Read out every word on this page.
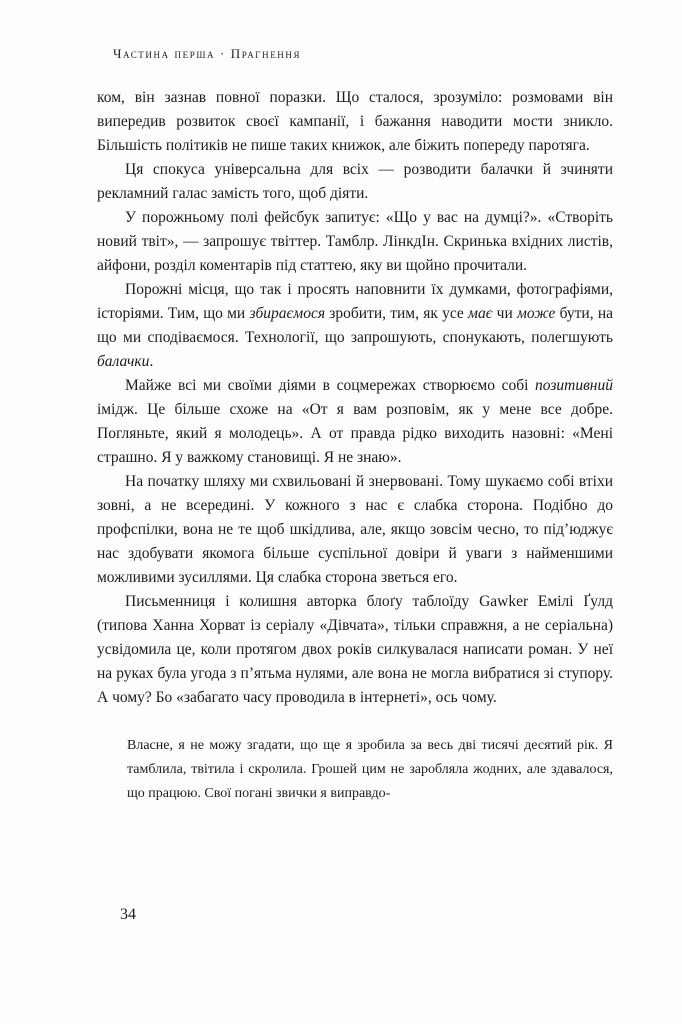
Частина перша · Прагнення

ком, він зазнав повної поразки. Що сталося, зрозуміло: розмовами він випередив розвиток своєї кампанії, і бажання наводити мости зникло. Більшість політиків не пише таких книжок, але біжить попереду паротяга.

Ця спокуса універсальна для всіх — розводити балачки й зчиняти рекламний галас замість того, щоб діяти.

У порожньому полі фейсбук запитує: «Що у вас на думці?». «Створіть новий твіт», — запрошує твіттер. Тамблр. ЛінкдІн. Скринька вхідних листів, айфони, розділ коментарів під статтею, яку ви щойно прочитали.

Порожні місця, що так і просять наповнити їх думками, фотографіями, історіями. Тим, що ми збираємося зробити, тим, як усе має чи може бути, на що ми сподіваємося. Технології, що запрошують, спонукають, полегшують балачки.

Майже всі ми своїми діями в соцмережах створюємо собі позитивний імідж. Це більше схоже на «От я вам розповім, як у мене все добре. Погляньте, який я молодець». А от правда рідко виходить назовні: «Мені страшно. Я у важкому становищі. Я не знаю».

На початку шляху ми схвильовані й знервовані. Тому шукаємо собі втіхи зовні, а не всередині. У кожного з нас є слабка сторона. Подібно до профспілки, вона не те щоб шкідлива, але, якщо зовсім чесно, то під’юджує нас здобувати якомога більше суспільної довіри й уваги з найменшими можливими зусиллями. Ця слабка сторона зветься его.

Письменниця і колишня авторка блоґу таблоїду Gawker Емілі Ґулд (типова Ханна Хорват із серіалу «Дівчата», тільки справжня, а не серіальна) усвідомила це, коли протягом двох років силкувалася написати роман. У неї на руках була угода з п’ятьма нулями, але вона не могла вибратися зі ступору. А чому? Бо «забагато часу проводила в інтернеті», ось чому.

Власне, я не можу згадати, що ще я зробила за весь дві тисячі десятий рік. Я тамблила, твітила і скролила. Грошей цим не заробляла жодних, але здавалося, що працюю. Свої погані звички я виправдо-

34
